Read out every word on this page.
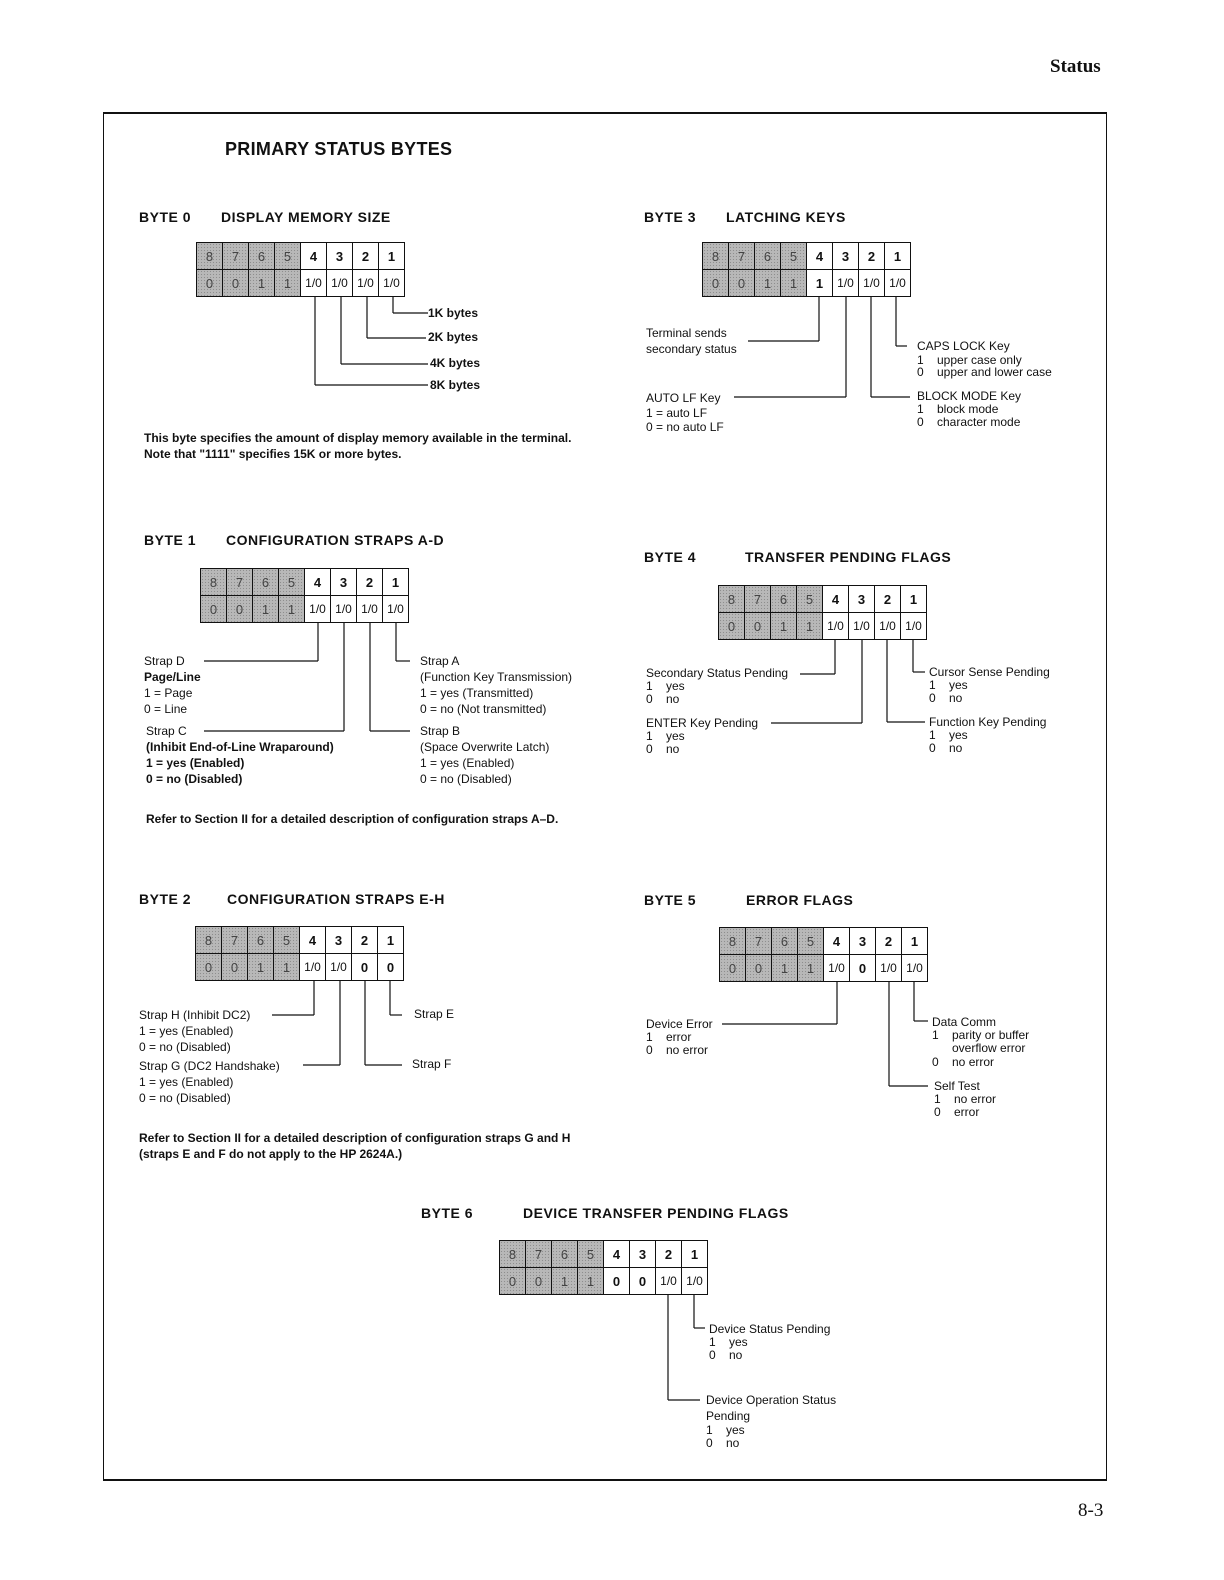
Status
PRIMARY STATUS BYTES
BYTE 0 DISPLAY MEMORY SIZE
8	7	6	5	4	3	2	1
0	0	1	1	1/0 1/0 1/0 1/0
1K bytes
2K bytes
4K bytes
8K bytes
This byte specifies the amount of display memory available in the terminal.
Note that "1111" specifies 15K or more bytes.
BYTE 1 CONFIGURATION STRAPS A-D
8	7	6	5	4	3	2	1
0	0	1	1	1/0 1/0 1/0 1/0
Strap D
Page/Line
1 = Page
0 = Line
Strap C
(Inhibit End-of-Line Wraparound)
1 = yes (Enabled)
0 = no (Disabled)
Strap A
(Function Key Transmission)
1 = yes (Transmitted)
0 = no (Not transmitted)
Strap B
(Space Overwrite Latch)
1 = yes (Enabled)
0 = no (Disabled)
Refer to Section II for a detailed description of configuration straps A–D.
BYTE 2	CONFIGURATION STRAPS E-H
8	7	6	5	4	3	2	1
0	0	1	1	1/0 1/0	0	0
Strap H (Inhibit DC2)
1 = yes (Enabled)
0 = no (Disabled)
Strap G (DC2 Handshake)
1 = yes (Enabled)
0 = no (Disabled)
Strap E
Strap F
Refer to Section II for a detailed description of configuration straps G and H
(straps E and F do not apply to the HP 2624A.)
BYTE 3 LATCHING KEYS
8	7	6	5	4	3	2	1
0	0	1	1	1	1/0 1/0 1/0
Terminal sends
secondary status
AUTO LF Key
1 = auto LF
0 = no auto LF
CAPS LOCK Key
1    upper case only
0    upper and lower case
BLOCK MODE Key
1    block mode
0    character mode
BYTE 4	TRANSFER PENDING FLAGS
8	7	6	5	4	3	2	1
0	0	1	1	1/0 1/0 1/0 1/0
Secondary Status Pending
1    yes
0    no
ENTER Key Pending
1    yes
0    no
Cursor Sense Pending
1    yes
0    no
Function Key Pending
1    yes
0    no
BYTE 5	ERROR FLAGS
8	7	6	5	4	3	2	1
0	0	1	1	1/0	0	1/0 1/0
Device Error
1    error
0    no error
Data Comm
1    parity or buffer
overflow error
0    no error
Self Test
1    no error
0    error
BYTE 6	DEVICE TRANSFER PENDING FLAGS
8	7	6	5	4	3	2	1
0	0	1	1	0	0	1/0 1/0
Device Status Pending
1    yes
0    no
Device Operation Status
Pending
1    yes
0    no
8-3
